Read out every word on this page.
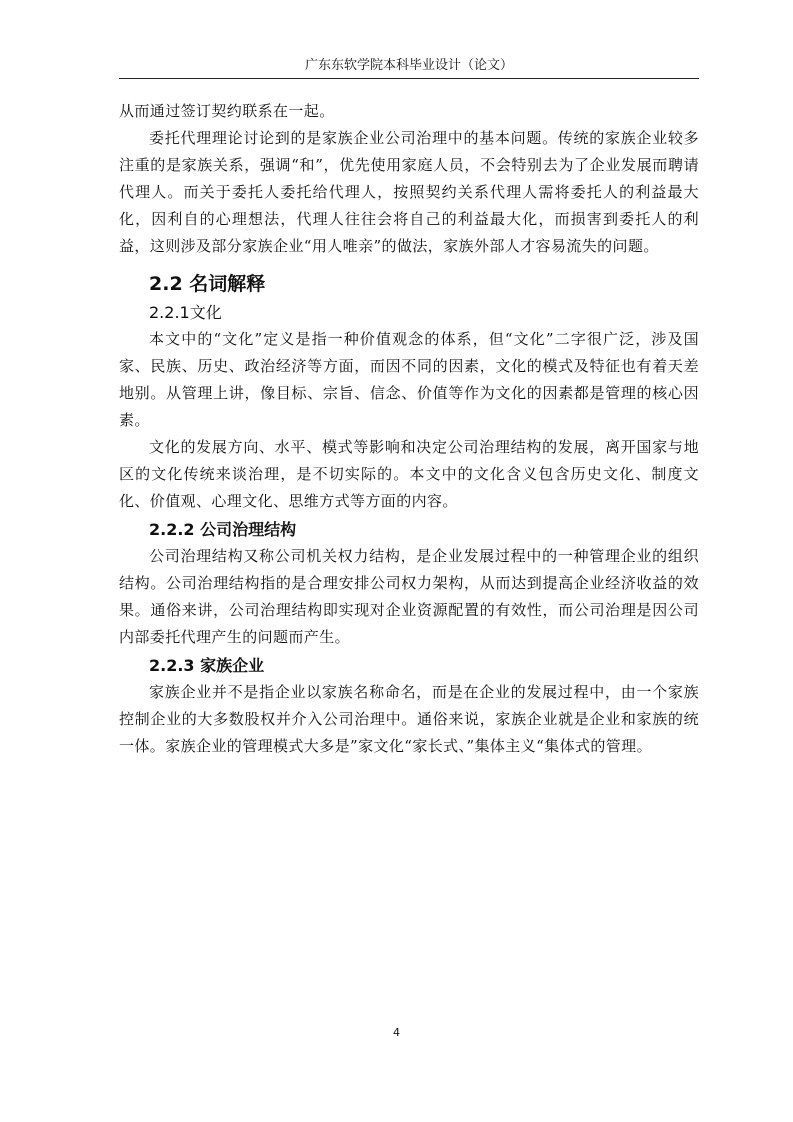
广东东软学院本科毕业设计（论文）

从而通过签订契约联系在一起。

委托代理理论讨论到的是家族企业公司治理中的基本问题。传统的家族企业较多注重的是家族关系，强调“和”，优先使用家庭人员，不会特别去为了企业发展而聘请代理人。而关于委托人委托给代理人，按照契约关系代理人需将委托人的利益最大化，因利自的心理想法，代理人往往会将自己的利益最大化，而损害到委托人的利益，这则涉及部分家族企业“用人唯亲”的做法，家族外部人才容易流失的问题。

2.2 名词解释
2.2.1文化

本文中的“文化”定义是指一种价值观念的体系，但“文化”二字很广泛，涉及国家、民族、历史、政治经济等方面，而因不同的因素，文化的模式及特征也有着天差地别。从管理上讲，像目标、宗旨、信念、价值等作为文化的因素都是管理的核心因素。

文化的发展方向、水平、模式等影响和决定公司治理结构的发展，离开国家与地区的文化传统来谈治理，是不切实际的。本文中的文化含义包含历史文化、制度文化、价值观、心理文化、思维方式等方面的内容。

2.2.2 公司治理结构

公司治理结构又称公司机关权力结构，是企业发展过程中的一种管理企业的组织结构。公司治理结构指的是合理安排公司权力架构，从而达到提高企业经济收益的效果。通俗来讲，公司治理结构即实现对企业资源配置的有效性，而公司治理是因公司内部委托代理产生的问题而产生。

2.2.3 家族企业

家族企业并不是指企业以家族名称命名，而是在企业的发展过程中，由一个家族控制企业的大多数股权并介入公司治理中。通俗来说，家族企业就是企业和家族的统一体。家族企业的管理模式大多是”家文化“家长式、”集体主义“集体式的管理。

4
